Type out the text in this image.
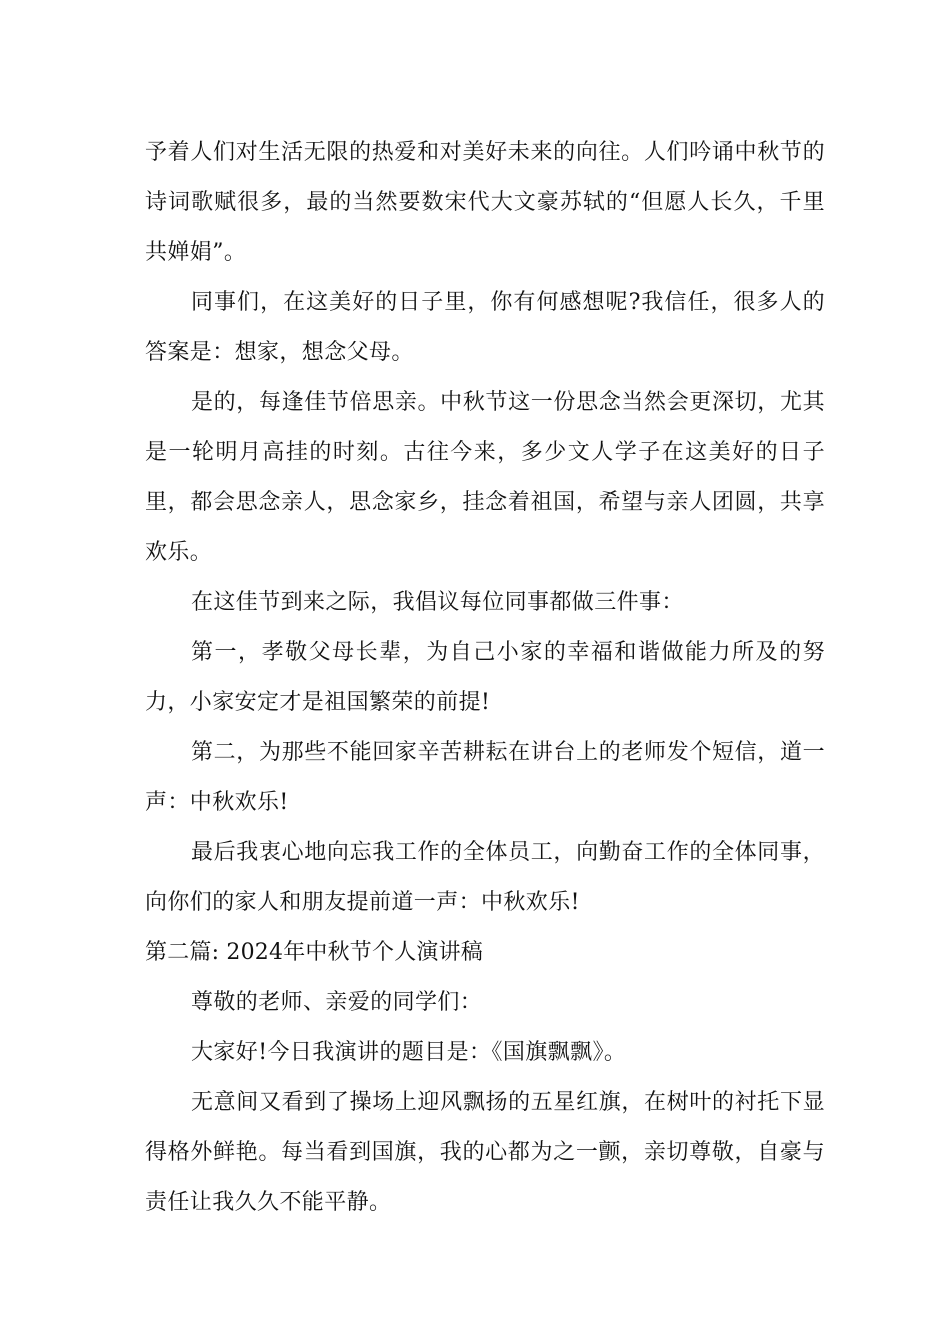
予着人们对生活无限的热爱和对美好未来的向往。人们吟诵中秋节的诗词歌赋很多，最的当然要数宋代大文豪苏轼的“但愿人长久，千里共婵娟”。

同事们，在这美好的日子里，你有何感想呢?我信任，很多人的答案是：想家，想念父母。

是的，每逢佳节倍思亲。中秋节这一份思念当然会更深切，尤其是一轮明月高挂的时刻。古往今来，多少文人学子在这美好的日子里，都会思念亲人，思念家乡，挂念着祖国，希望与亲人团圆，共享欢乐。

在这佳节到来之际，我倡议每位同事都做三件事：

第一，孝敬父母长辈，为自己小家的幸福和谐做能力所及的努力，小家安定才是祖国繁荣的前提!

第二，为那些不能回家辛苦耕耘在讲台上的老师发个短信，道一声：中秋欢乐!

最后我衷心地向忘我工作的全体员工，向勤奋工作的全体同事，向你们的家人和朋友提前道一声：中秋欢乐!

第二篇: 2024年中秋节个人演讲稿

尊敬的老师、亲爱的同学们：

大家好!今日我演讲的题目是：《国旗飘飘》。

无意间又看到了操场上迎风飘扬的五星红旗，在树叶的衬托下显得格外鲜艳。每当看到国旗，我的心都为之一颤，亲切尊敬，自豪与责任让我久久不能平静。
